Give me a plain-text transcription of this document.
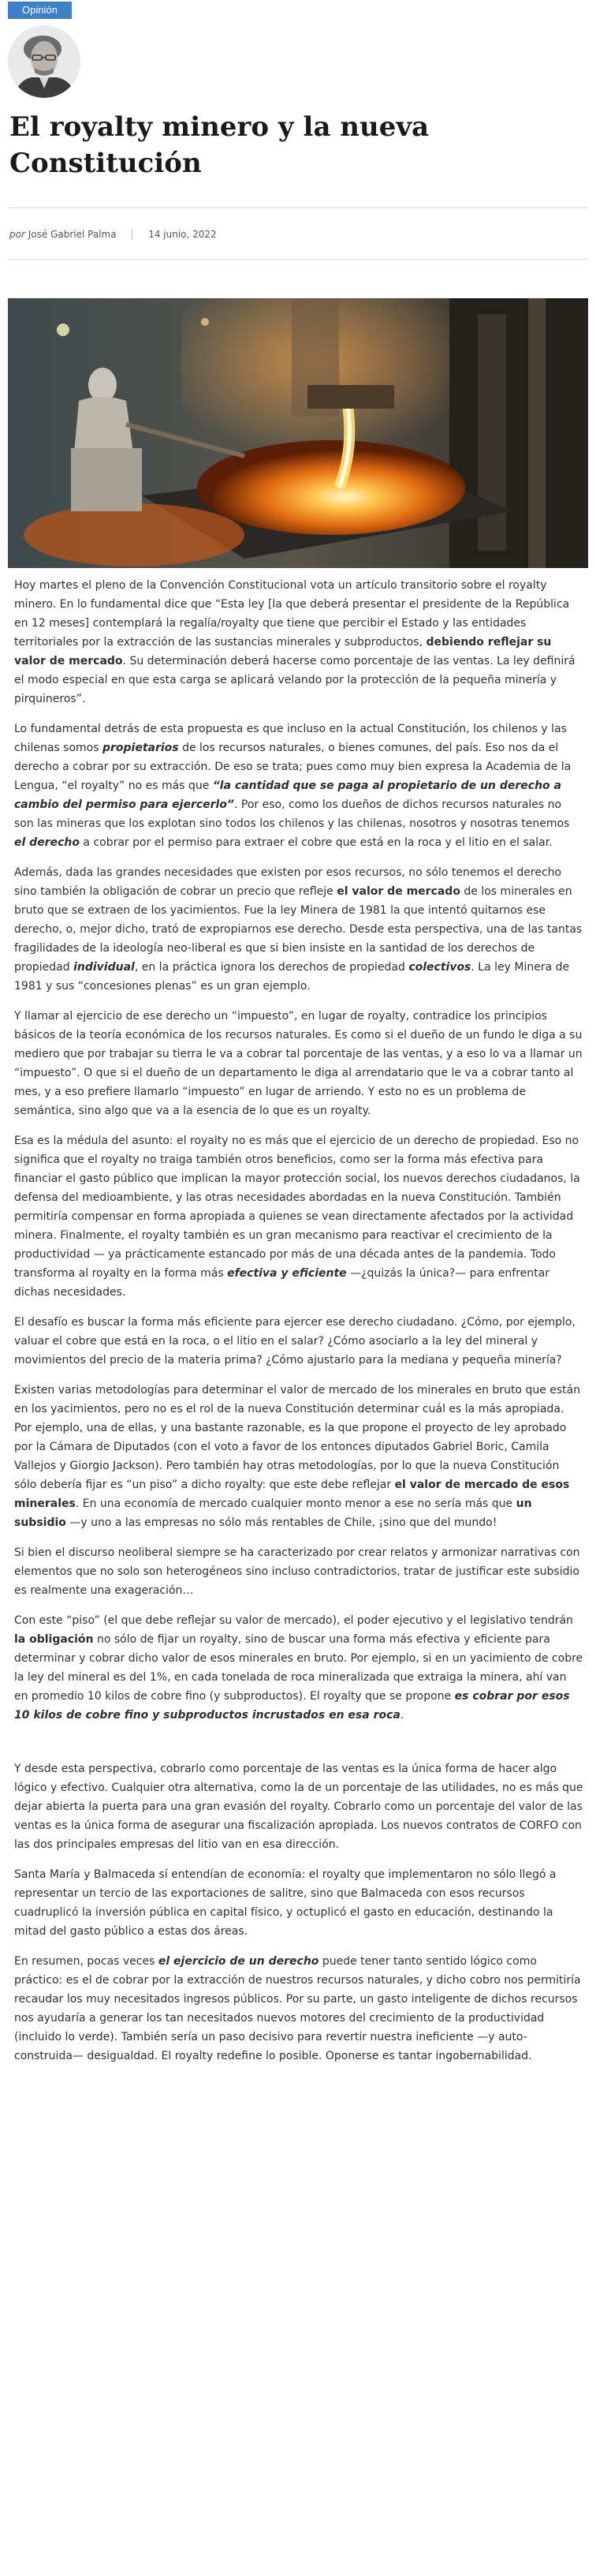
Opinión
El royalty minero y la nueva Constitución
por José Gabriel Palma	14 junio, 2022

Hoy martes el pleno de la Convención Constitucional vota un artículo transitorio sobre el royalty minero. En lo fundamental dice que “Esta ley [la que deberá presentar el presidente de la República en 12 meses] contemplará la regalía/royalty que tiene que percibir el Estado y las entidades territoriales por la extracción de las sustancias minerales y subproductos, debiendo reflejar su valor de mercado. Su determinación deberá hacerse como porcentaje de las ventas. La ley definirá el modo especial en que esta carga se aplicará velando por la protección de la pequeña minería y pirquineros”.

Lo fundamental detrás de esta propuesta es que incluso en la actual Constitución, los chilenos y las chilenas somos propietarios de los recursos naturales, o bienes comunes, del país. Eso nos da el derecho a cobrar por su extracción. De eso se trata; pues como muy bien expresa la Academia de la Lengua, “el royalty” no es más que “la cantidad que se paga al propietario de un derecho a cambio del permiso para ejercerlo”. Por eso, como los dueños de dichos recursos naturales no son las mineras que los explotan sino todos los chilenos y las chilenas, nosotros y nosotras tenemos el derecho a cobrar por el permiso para extraer el cobre que está en la roca y el litio en el salar.

Además, dada las grandes necesidades que existen por esos recursos, no sólo tenemos el derecho sino también la obligación de cobrar un precio que refleje el valor de mercado de los minerales en bruto que se extraen de los yacimientos. Fue la ley Minera de 1981 la que intentó quitarnos ese derecho, o, mejor dicho, trató de expropiarnos ese derecho. Desde esta perspectiva, una de las tantas fragilidades de la ideología neo-liberal es que si bien insiste en la santidad de los derechos de propiedad individual, en la práctica ignora los derechos de propiedad colectivos. La ley Minera de 1981 y sus “concesiones plenas” es un gran ejemplo.

Y llamar al ejercicio de ese derecho un “impuesto”, en lugar de royalty, contradice los principios básicos de la teoría económica de los recursos naturales. Es como si el dueño de un fundo le diga a su mediero que por trabajar su tierra le va a cobrar tal porcentaje de las ventas, y a eso lo va a llamar un “impuesto”. O que si el dueño de un departamento le diga al arrendatario que le va a cobrar tanto al mes, y a eso prefiere llamarlo “impuesto” en lugar de arriendo. Y esto no es un problema de semántica, sino algo que va a la esencia de lo que es un royalty.

Esa es la médula del asunto: el royalty no es más que el ejercicio de un derecho de propiedad. Eso no significa que el royalty no traiga también otros beneficios, como ser la forma más efectiva para financiar el gasto público que implican la mayor protección social, los nuevos derechos ciudadanos, la defensa del medioambiente, y las otras necesidades abordadas en la nueva Constitución. También permitiría compensar en forma apropiada a quienes se vean directamente afectados por la actividad minera. Finalmente, el royalty también es un gran mecanismo para reactivar el crecimiento de la productividad — ya prácticamente estancado por más de una década antes de la pandemia. Todo transforma al royalty en la forma más efectiva y eficiente —¿quizás la única?— para enfrentar dichas necesidades.

El desafío es buscar la forma más eficiente para ejercer ese derecho ciudadano. ¿Cómo, por ejemplo, valuar el cobre que está en la roca, o el litio en el salar? ¿Cómo asociarlo a la ley del mineral y movimientos del precio de la materia prima? ¿Cómo ajustarlo para la mediana y pequeña minería?

Existen varias metodologías para determinar el valor de mercado de los minerales en bruto que están en los yacimientos, pero no es el rol de la nueva Constitución determinar cuál es la más apropiada. Por ejemplo, una de ellas, y una bastante razonable, es la que propone el proyecto de ley aprobado por la Cámara de Diputados (con el voto a favor de los entonces diputados Gabriel Boric, Camila Vallejos y Giorgio Jackson). Pero también hay otras metodologías, por lo que la nueva Constitución sólo debería fijar es “un piso” a dicho royalty: que este debe reflejar el valor de mercado de esos minerales. En una economía de mercado cualquier monto menor a ese no sería más que un subsidio —y uno a las empresas no sólo más rentables de Chile, ¡sino que del mundo!

Si bien el discurso neoliberal siempre se ha caracterizado por crear relatos y armonizar narrativas con elementos que no solo son heterogéneos sino incluso contradictorios, tratar de justificar este subsidio es realmente una exageración…

Con este “piso” (el que debe reflejar su valor de mercado), el poder ejecutivo y el legislativo tendrán la obligación no sólo de fijar un royalty, sino de buscar una forma más efectiva y eficiente para determinar y cobrar dicho valor de esos minerales en bruto. Por ejemplo, si en un yacimiento de cobre la ley del mineral es del 1%, en cada tonelada de roca mineralizada que extraiga la minera, ahí van en promedio 10 kilos de cobre fino (y subproductos). El royalty que se propone es cobrar por esos 10 kilos de cobre fino y subproductos incrustados en esa roca.

Y desde esta perspectiva, cobrarlo como porcentaje de las ventas es la única forma de hacer algo lógico y efectivo. Cualquier otra alternativa, como la de un porcentaje de las utilidades, no es más que dejar abierta la puerta para una gran evasión del royalty. Cobrarlo como un porcentaje del valor de las ventas es la única forma de asegurar una fiscalización apropiada. Los nuevos contratos de CORFO con las dos principales empresas del litio van en esa dirección.

Santa María y Balmaceda sí entendían de economía: el royalty que implementaron no sólo llegó a representar un tercio de las exportaciones de salitre, sino que Balmaceda con esos recursos cuadruplicó la inversión pública en capital físico, y octuplicó el gasto en educación, destinando la mitad del gasto público a estas dos áreas.

En resumen, pocas veces el ejercicio de un derecho puede tener tanto sentido lógico como práctico: es el de cobrar por la extracción de nuestros recursos naturales, y dicho cobro nos permitiría recaudar los muy necesitados ingresos públicos. Por su parte, un gasto inteligente de dichos recursos nos ayudaría a generar los tan necesitados nuevos motores del crecimiento de la productividad (incluido lo verde). También sería un paso decisivo para revertir nuestra ineficiente —y auto-construida— desigualdad. El royalty redefine lo posible. Oponerse es tantar ingobernabilidad.
